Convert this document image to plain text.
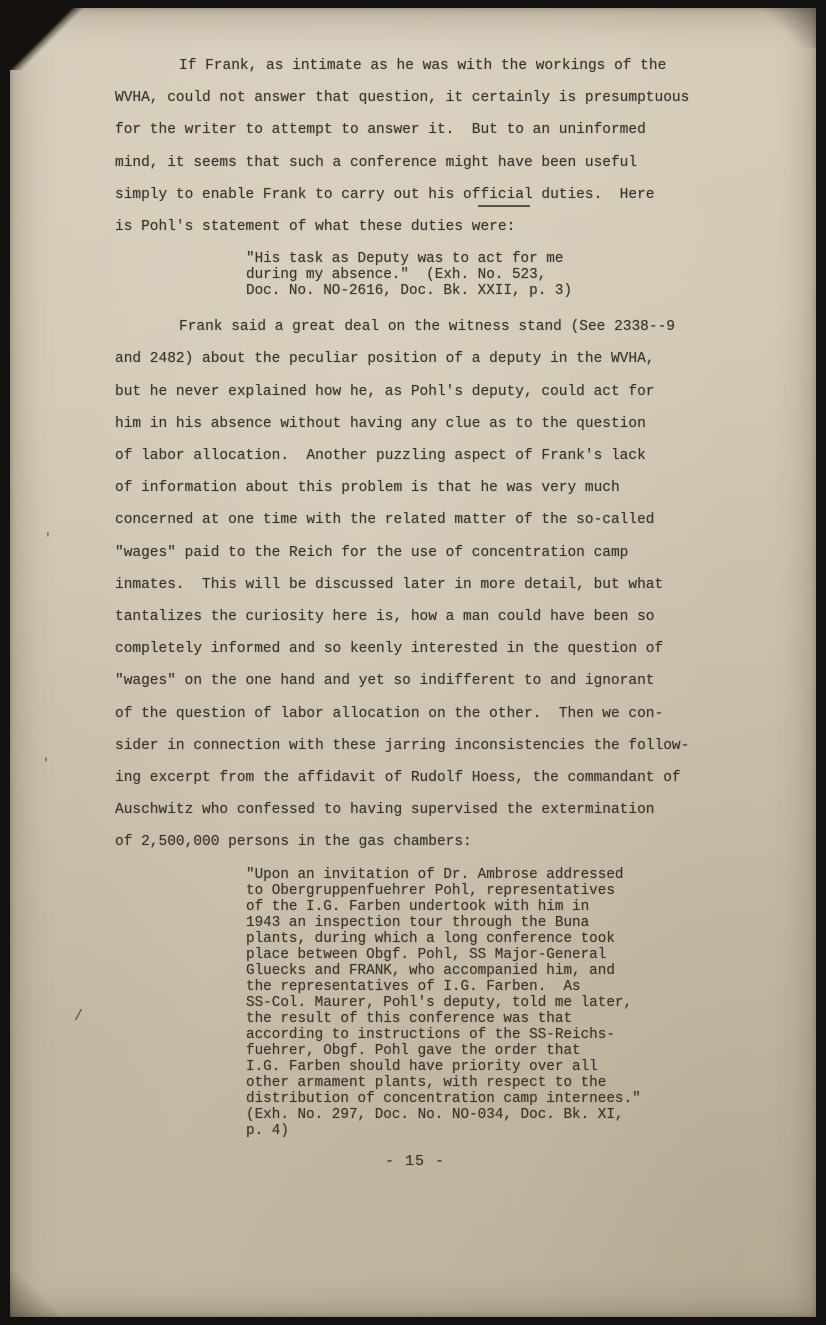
'
'
/
If Frank, as intimate as he was with the workings of the
WVHA, could not answer that question, it certainly is presumptuous
for the writer to attempt to answer it.  But to an uninformed
mind, it seems that such a conference might have been useful
simply to enable Frank to carry out his official duties.  Here
is Pohl's statement of what these duties were:
"His task as Deputy was to act for me
during my absence."  (Exh. No. 523,
Doc. No. NO-2616, Doc. Bk. XXII, p. 3)
Frank said a great deal on the witness stand (See 2338--9
and 2482) about the peculiar position of a deputy in the WVHA,
but he never explained how he, as Pohl's deputy, could act for
him in his absence without having any clue as to the question
of labor allocation.  Another puzzling aspect of Frank's lack
of information about this problem is that he was very much
concerned at one time with the related matter of the so-called
"wages" paid to the Reich for the use of concentration camp
inmates.  This will be discussed later in more detail, but what
tantalizes the curiosity here is, how a man could have been so
completely informed and so keenly interested in the question of
"wages" on the one hand and yet so indifferent to and ignorant
of the question of labor allocation on the other.  Then we con-
sider in connection with these jarring inconsistencies the follow-
ing excerpt from the affidavit of Rudolf Hoess, the commandant of
Auschwitz who confessed to having supervised the extermination
of 2,500,000 persons in the gas chambers:
"Upon an invitation of Dr. Ambrose addressed
to Obergruppenfuehrer Pohl, representatives
of the I.G. Farben undertook with him in
1943 an inspection tour through the Buna
plants, during which a long conference took
place between Obgf. Pohl, SS Major-General
Gluecks and FRANK, who accompanied him, and
the representatives of I.G. Farben.  As
SS-Col. Maurer, Pohl's deputy, told me later,
the result of this conference was that
according to instructions of the SS-Reichs-
fuehrer, Obgf. Pohl gave the order that
I.G. Farben should have priority over all
other armament plants, with respect to the
distribution of concentration camp internees."
(Exh. No. 297, Doc. No. NO-034, Doc. Bk. XI,
p. 4)
- 15 -
